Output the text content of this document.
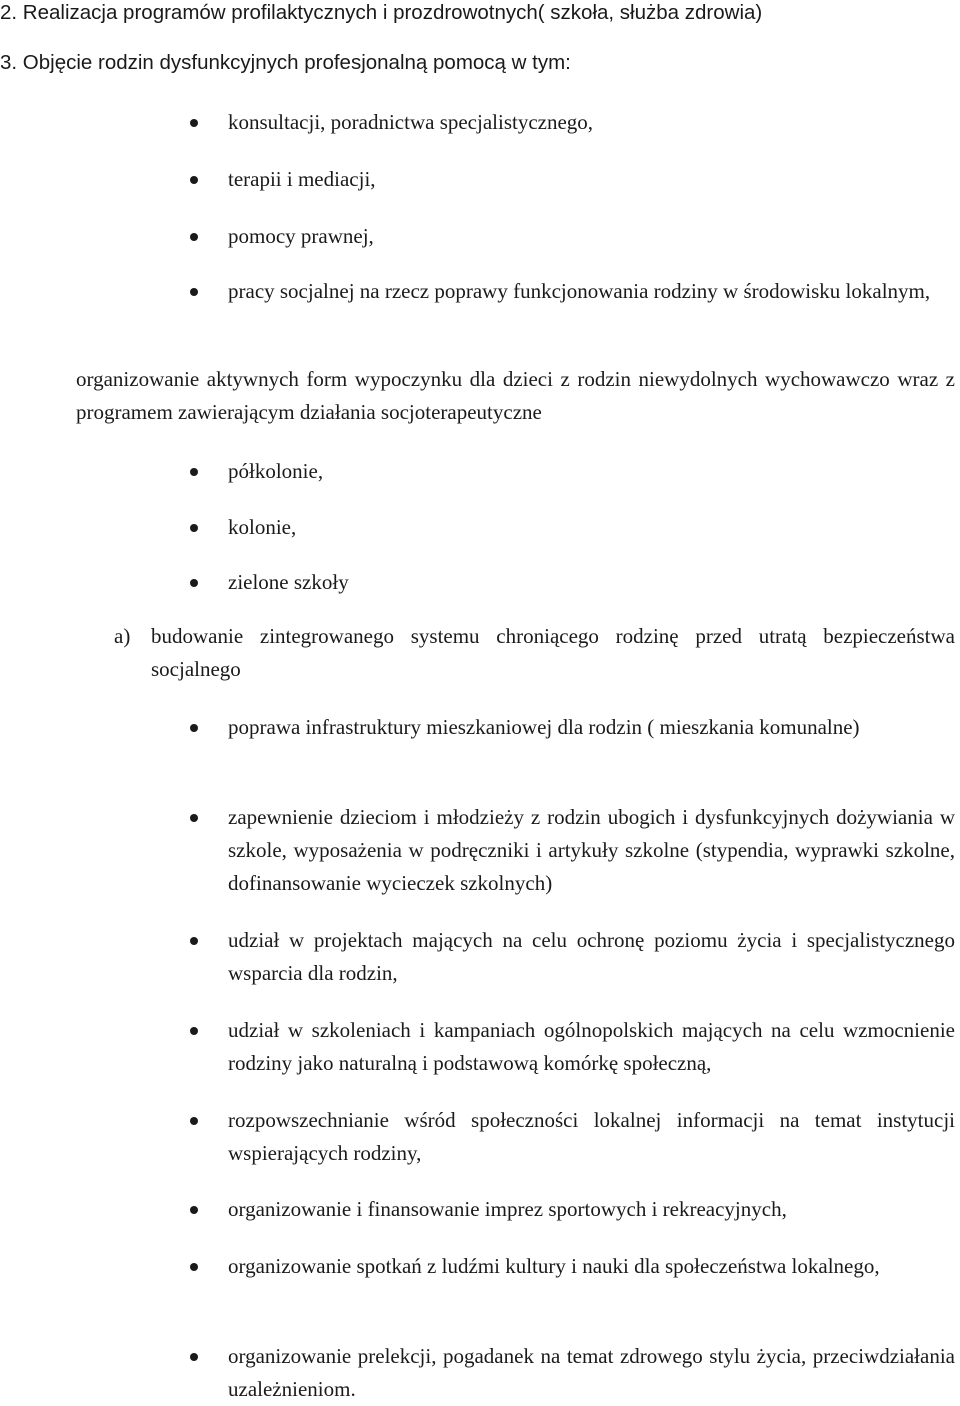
2. Realizacja programów profilaktycznych i prozdrowotnych( szkoła, służba zdrowia)
3. Objęcie rodzin dysfunkcyjnych profesjonalną pomocą w tym:
konsultacji, poradnictwa specjalistycznego,
terapii i mediacji,
pomocy prawnej,
pracy socjalnej na rzecz poprawy funkcjonowania rodziny w środowisku lokalnym,
organizowanie aktywnych form wypoczynku dla dzieci z rodzin niewydolnych wychowawczo wraz z programem zawierającym działania socjoterapeutyczne
półkolonie,
kolonie,
zielone szkoły
a) budowanie zintegrowanego systemu chroniącego rodzinę przed utratą bezpieczeństwa socjalnego
poprawa infrastruktury mieszkaniowej dla rodzin ( mieszkania komunalne)
zapewnienie dzieciom i młodzieży z rodzin ubogich i dysfunkcyjnych dożywiania w szkole, wyposażenia w podręczniki i artykuły szkolne (stypendia, wyprawki szkolne, dofinansowanie wycieczek szkolnych)
udział w projektach mających na celu ochronę poziomu życia i specjalistycznego wsparcia dla rodzin,
udział w szkoleniach i kampaniach ogólnopolskich mających na celu wzmocnienie rodziny jako naturalną i podstawową komórkę społeczną,
rozpowszechnianie wśród społeczności lokalnej informacji na temat instytucji wspierających rodziny,
organizowanie i finansowanie imprez sportowych i rekreacyjnych,
organizowanie spotkań z ludźmi kultury i nauki dla społeczeństwa lokalnego,
organizowanie prelekcji, pogadanek na temat zdrowego stylu życia, przeciwdziałania uzależnieniom.
